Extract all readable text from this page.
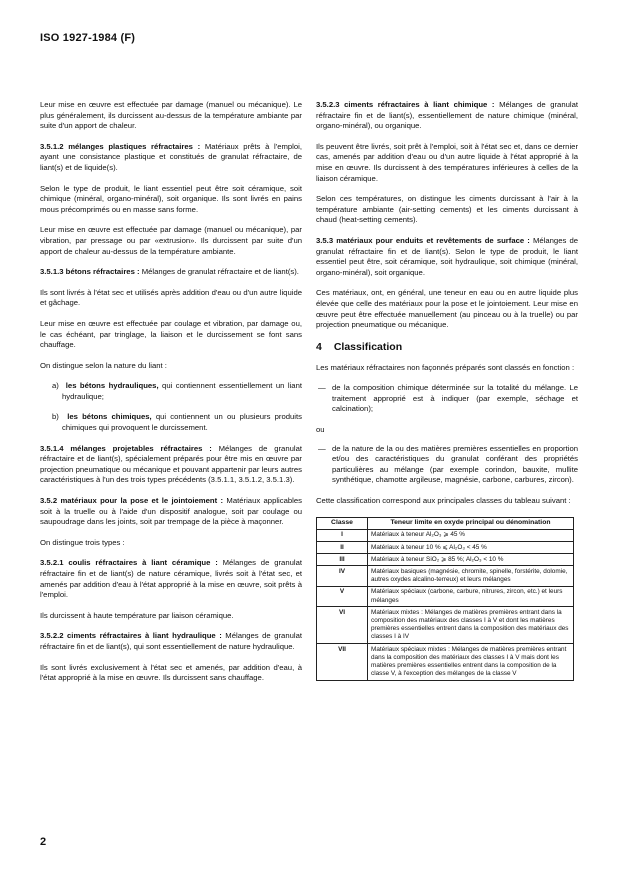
ISO 1927-1984 (F)

Leur mise en œuvre est effectuée par damage (manuel ou mécanique). Le plus généralement, ils durcissent au-dessus de la température ambiante par suite d'un apport de chaleur.

3.5.1.2 mélanges plastiques réfractaires : Matériaux prêts à l'emploi, ayant une consistance plastique et constitués de granulat réfractaire, de liant(s) et de liquide(s).

Selon le type de produit, le liant essentiel peut être soit céramique, soit chimique (minéral, organo-minéral), soit organique. Ils sont livrés en pains mous précomprimés ou en masse sans forme.

Leur mise en œuvre est effectuée par damage (manuel ou mécanique), par vibration, par pressage ou par «extrusion». Ils durcissent par suite d'un apport de chaleur au-dessus de la température ambiante.

3.5.1.3 bétons réfractaires : Mélanges de granulat réfractaire et de liant(s).

Ils sont livrés à l'état sec et utilisés après addition d'eau ou d'un autre liquide et gâchage.

Leur mise en œuvre est effectuée par coulage et vibration, par damage ou, le cas échéant, par tringlage, la liaison et le durcissement se font sans chauffage.

On distingue selon la nature du liant :

a) les bétons hydrauliques, qui contiennent essentiellement un liant hydraulique;

b) les bétons chimiques, qui contiennent un ou plusieurs produits chimiques qui provoquent le durcissement.

3.5.1.4 mélanges projetables réfractaires : Mélanges de granulat réfractaire et de liant(s), spécialement préparés pour être mis en œuvre par projection pneumatique ou mécanique et pouvant appartenir par leurs autres caractéristiques à l'un des trois types précédents (3.5.1.1, 3.5.1.2, 3.5.1.3).

3.5.2 matériaux pour la pose et le jointoiement : Matériaux applicables soit à la truelle ou à l'aide d'un dispositif analogue, soit par coulage ou saupoudrage dans les joints, soit par trempage de la pièce à maçonner.

On distingue trois types :

3.5.2.1 coulis réfractaires à liant céramique : Mélanges de granulat réfractaire fin et de liant(s) de nature céramique, livrés soit à l'état sec, et amenés par addition d'eau à l'état approprié à la mise en œuvre, soit prêts à l'emploi.

Ils durcissent à haute température par liaison céramique.

3.5.2.2 ciments réfractaires à liant hydraulique : Mélanges de granulat réfractaire fin et de liant(s), qui sont essentiellement de nature hydraulique.

Ils sont livrés exclusivement à l'état sec et amenés, par addition d'eau, à l'état approprié à la mise en œuvre. Ils durcissent sans chauffage.

3.5.2.3 ciments réfractaires à liant chimique : Mélanges de granulat réfractaire fin et de liant(s), essentiellement de nature chimique (minéral, organo-minéral), ou organique.

Ils peuvent être livrés, soit prêt à l'emploi, soit à l'état sec et, dans ce dernier cas, amenés par addition d'eau ou d'un autre liquide à l'état approprié à la mise en œuvre. Ils durcissent à des températures inférieures à celles de la liaison céramique.

Selon ces températures, on distingue les ciments durcissant à l'air à la température ambiante (air-setting cements) et les ciments durcissant à chaud (heat-setting cements).

3.5.3 matériaux pour enduits et revêtements de surface : Mélanges de granulat réfractaire fin et de liant(s). Selon le type de produit, le liant essentiel peut être, soit céramique, soit hydraulique, soit chimique (minéral, organo-minéral), soit organique.

Ces matériaux, ont, en général, une teneur en eau ou en autre liquide plus élevée que celle des matériaux pour la pose et le jointoiement. Leur mise en œuvre peut être effectuée manuellement (au pinceau ou à la truelle) ou par projection pneumatique ou mécanique.

4 Classification

Les matériaux réfractaires non façonnés préparés sont classés en fonction :

— de la composition chimique déterminée sur la totalité du mélange. Le traitement approprié est à indiquer (par exemple, séchage et calcination);

ou

— de la nature de la ou des matières premières essentielles en proportion et/ou des caractéristiques du granulat conférant des propriétés particulières au mélange (par exemple corindon, bauxite, mullite synthétique, chamotte argileuse, magnésie, carbone, carbures, zircon).

Cette classification correspond aux principales classes du tableau suivant :

Classe	Teneur limite en oxyde principal ou dénomination
I	Matériaux à teneur Al₂O₃ ⩾ 45 %
II	Matériaux à teneur 10 % ⩽ Al₂O₃ < 45 %
III	Matériaux à teneur SiO₂ ⩾ 85 %; Al₂O₃ < 10 %
IV	Matériaux basiques (magnésie, chromite, spinelle, forstérite, dolomie, autres oxydes alcalino-terreux) et leurs mélanges
V	Matériaux spéciaux (carbone, carbure, nitrures, zircon, etc.) et leurs mélanges
VI	Matériaux mixtes : Mélanges de matières premières entrant dans la composition des matériaux des classes I à V et dont les matières premières essentielles entrent dans la composition des matériaux des classes I à IV
VII	Matériaux spéciaux mixtes : Mélanges de matières premières entrant dans la composition des matériaux des classes I à V mais dont les matières premières essentielles entrent dans la composition de la classe V, à l'exception des mélanges de la classe V
2
